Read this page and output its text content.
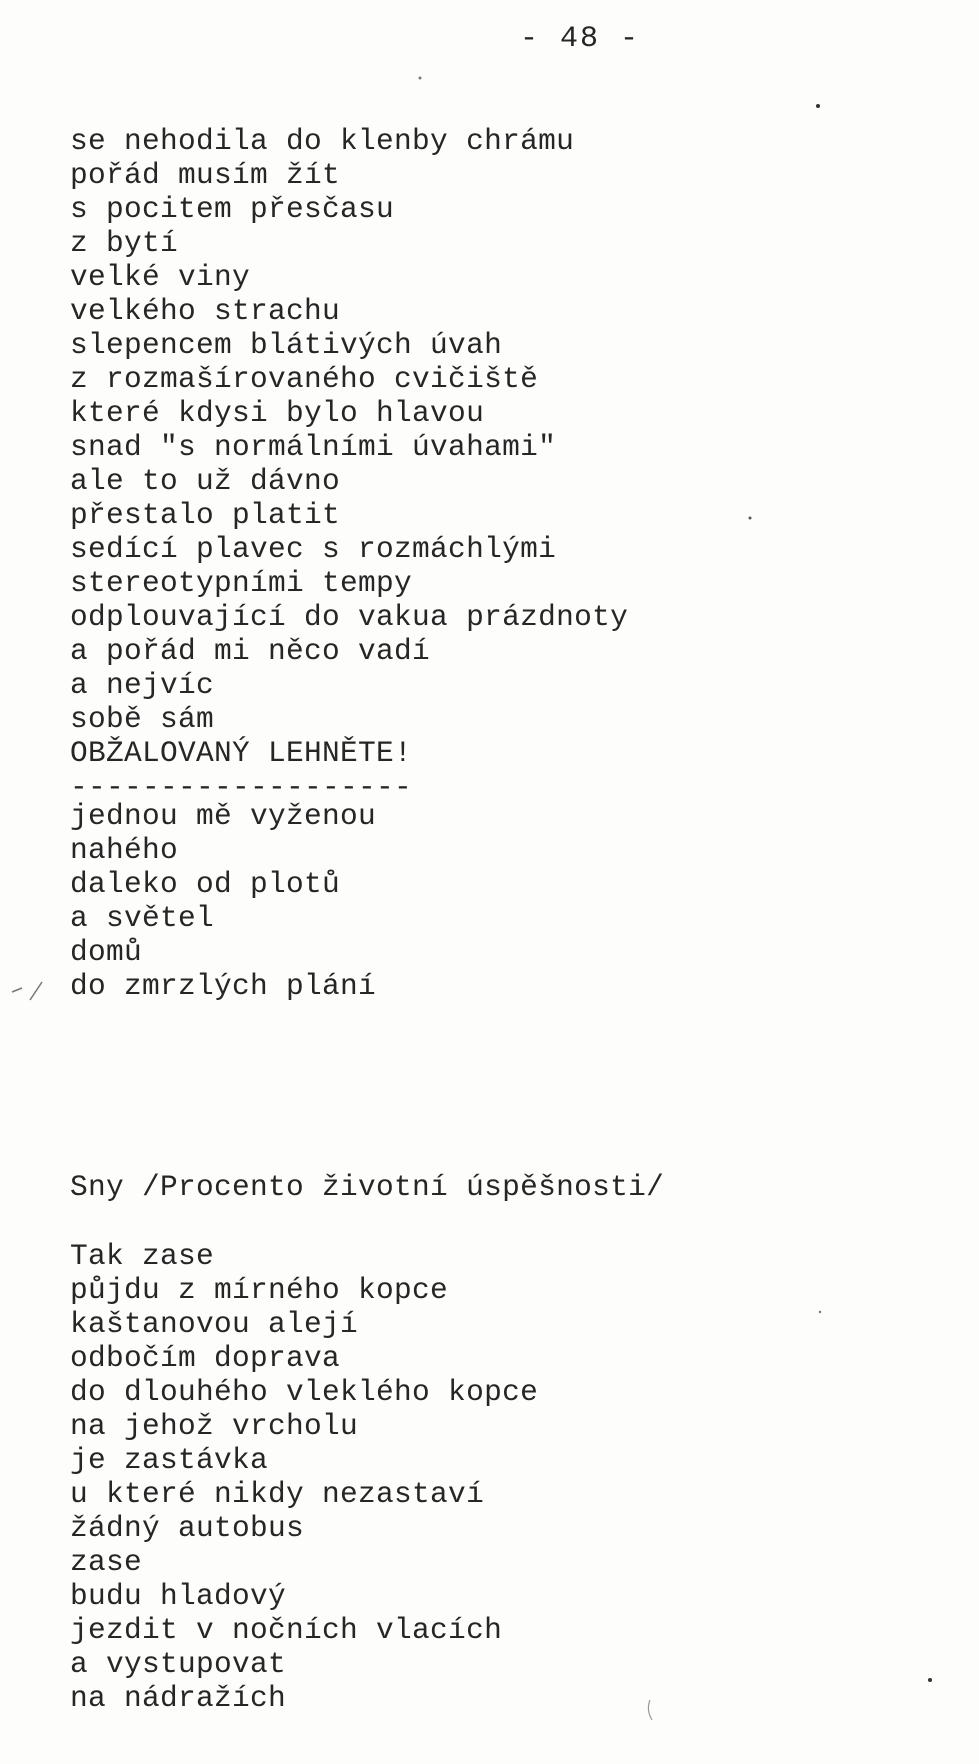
- 48 -
se nehodila do klenby chrámu
pořád musím žít
s pocitem přesčasu
z bytí
velké viny
velkého strachu
slepencem blátivých úvah
z rozmašírovaného cvičiště
které kdysi bylo hlavou
snad "s normálními úvahami"
ale to už dávno
přestalo platit
sedící plavec s rozmáchlými
stereotypními tempy
odplouvající do vakua prázdnoty
a pořád mi něco vadí
a nejvíc
sobě sám
OBŽALOVANÝ LEHNĚTE!
-------------------
jednou mě vyženou
nahého
daleko od plotů
a světel
domů
do zmrzlých plání
Sny /Procento životní úspěšnosti/
Tak zase
půjdu z mírného kopce
kaštanovou alejí
odbočím doprava
do dlouhého vleklého kopce
na jehož vrcholu
je zastávka
u které nikdy nezastaví
žádný autobus
zase
budu hladový
jezdit v nočních vlacích
a vystupovat
na nádražích
